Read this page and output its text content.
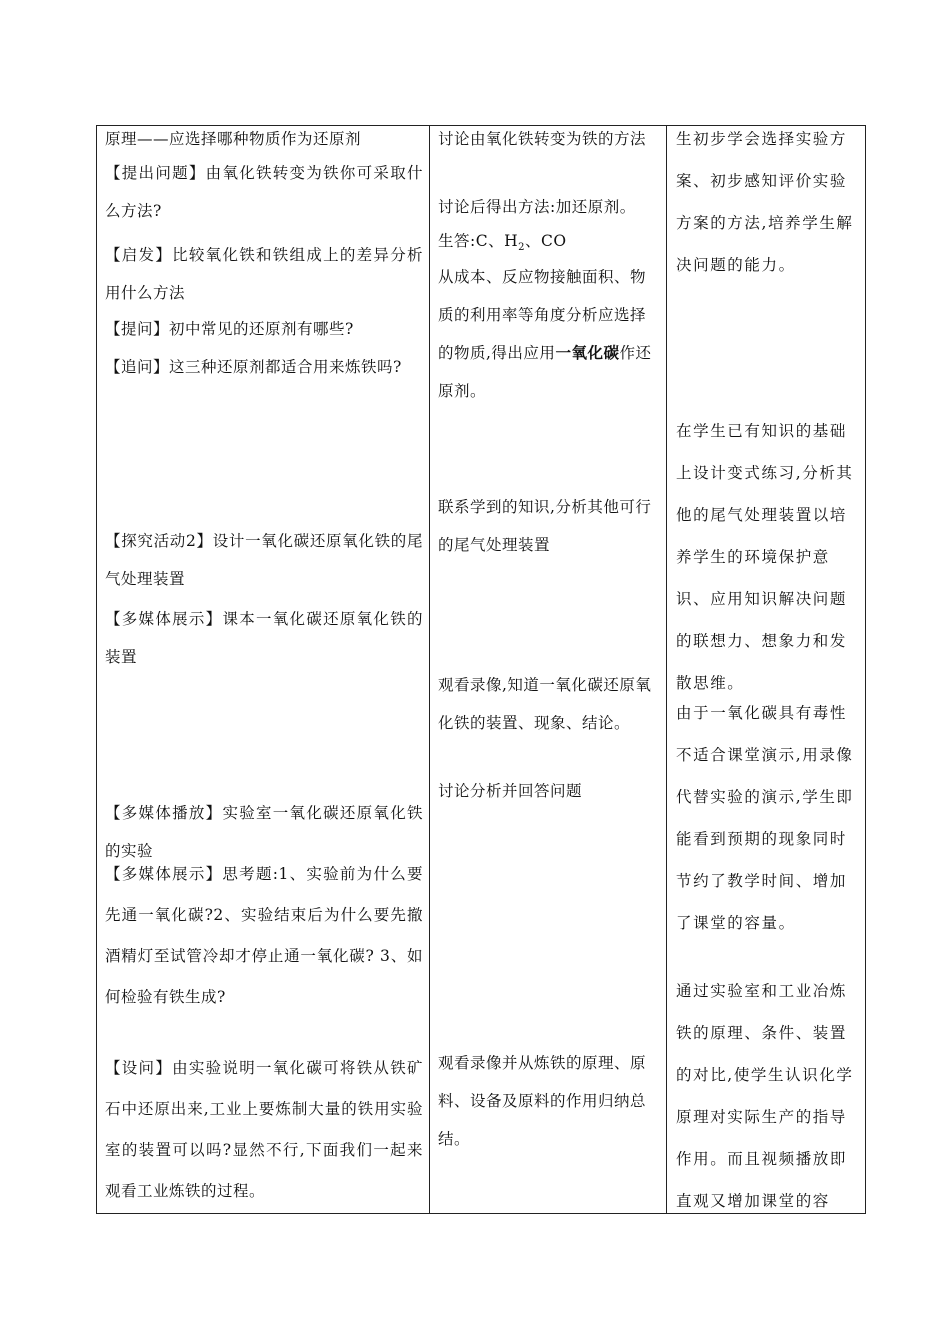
原理——应选择哪种物质作为还原剂
【提出问题】由氧化铁转变为铁你可采取什么方法?
【启发】比较氧化铁和铁组成上的差异分析用什么方法
【提问】初中常见的还原剂有哪些?
【追问】这三种还原剂都适合用来炼铁吗?
【探究活动2】设计一氧化碳还原氧化铁的尾气处理装置
【多媒体展示】课本一氧化碳还原氧化铁的装置
【多媒体播放】实验室一氧化碳还原氧化铁的实验
【多媒体展示】思考题:1、实验前为什么要先通一氧化碳?2、实验结束后为什么要先撤酒精灯至试管冷却才停止通一氧化碳? 3、如何检验有铁生成?
【设问】由实验说明一氧化碳可将铁从铁矿石中还原出来,工业上要炼制大量的铁用实验室的装置可以吗?显然不行,下面我们一起来观看工业炼铁的过程。
讨论由氧化铁转变为铁的方法
讨论后得出方法:加还原剂。
生答:C、$H_2$、CO
从成本、反应物接触面积、物质的利用率等角度分析应选择的物质,得出应用一氧化碳作还原剂。
联系学到的知识,分析其他可行的尾气处理装置
观看录像,知道一氧化碳还原氧化铁的装置、现象、结论。
讨论分析并回答问题
观看录像并从炼铁的原理、原料、设备及原料的作用归纳总结。
生初步学会选择实验方案、初步感知评价实验方案的方法,培养学生解决问题的能力。
在学生已有知识的基础上设计变式练习,分析其他的尾气处理装置以培养学生的环境保护意识、应用知识解决问题的联想力、想象力和发散思维。
由于一氧化碳具有毒性不适合课堂演示,用录像代替实验的演示,学生即能看到预期的现象同时节约了教学时间、增加了课堂的容量。
通过实验室和工业冶炼铁的原理、条件、装置的对比,使学生认识化学原理对实际生产的指导作用。而且视频播放即直观又增加课堂的容
